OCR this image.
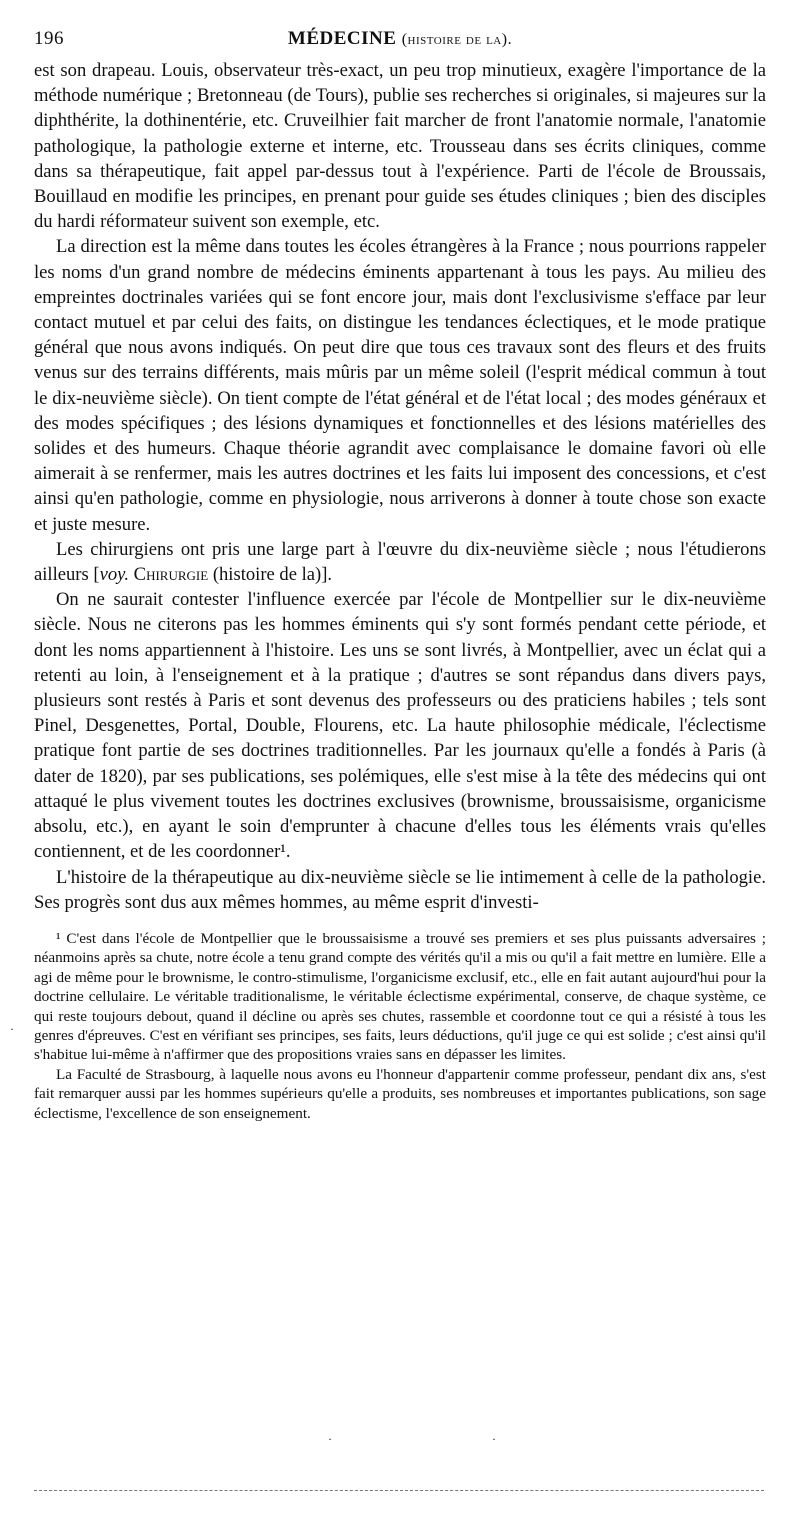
196	MÉDECINE (histoire de la).

est son drapeau. Louis, observateur très-exact, un peu trop minutieux, exagère l'importance de la méthode numérique ; Bretonneau (de Tours), publie ses recherches si originales, si majeures sur la diphthérite, la dothinentérie, etc. Cruveilhier fait marcher de front l'anatomie normale, l'anatomie pathologique, la pathologie externe et interne, etc. Trousseau dans ses écrits cliniques, comme dans sa thérapeutique, fait appel par-dessus tout à l'expérience. Parti de l'école de Broussais, Bouillaud en modifie les principes, en prenant pour guide ses études cliniques ; bien des disciples du hardi réformateur suivent son exemple, etc.

La direction est la même dans toutes les écoles étrangères à la France ; nous pourrions rappeler les noms d'un grand nombre de médecins éminents appartenant à tous les pays. Au milieu des empreintes doctrinales variées qui se font encore jour, mais dont l'exclusivisme s'efface par leur contact mutuel et par celui des faits, on distingue les tendances éclectiques, et le mode pratique général que nous avons indiqués. On peut dire que tous ces travaux sont des fleurs et des fruits venus sur des terrains différents, mais mûris par un même soleil (l'esprit médical commun à tout le dix-neuvième siècle). On tient compte de l'état général et de l'état local ; des modes généraux et des modes spécifiques ; des lésions dynamiques et fonctionnelles et des lésions matérielles des solides et des humeurs. Chaque théorie agrandit avec complaisance le domaine favori où elle aimerait à se renfermer, mais les autres doctrines et les faits lui imposent des concessions, et c'est ainsi qu'en pathologie, comme en physiologie, nous arriverons à donner à toute chose son exacte et juste mesure.

Les chirurgiens ont pris une large part à l'œuvre du dix-neuvième siècle ; nous l'étudierons ailleurs [voy. Chirurgie (histoire de la)].

On ne saurait contester l'influence exercée par l'école de Montpellier sur le dix-neuvième siècle. Nous ne citerons pas les hommes éminents qui s'y sont formés pendant cette période, et dont les noms appartiennent à l'histoire. Les uns se sont livrés, à Montpellier, avec un éclat qui a retenti au loin, à l'enseignement et à la pratique ; d'autres se sont répandus dans divers pays, plusieurs sont restés à Paris et sont devenus des professeurs ou des praticiens habiles ; tels sont Pinel, Desgenettes, Portal, Double, Flourens, etc. La haute philosophie médicale, l'éclectisme pratique font partie de ses doctrines traditionnelles. Par les journaux qu'elle a fondés à Paris (à dater de 1820), par ses publications, ses polémiques, elle s'est mise à la tête des médecins qui ont attaqué le plus vivement toutes les doctrines exclusives (brownisme, broussaisisme, organicisme absolu, etc.), en ayant le soin d'emprunter à chacune d'elles tous les éléments vrais qu'elles contiennent, et de les coordonner¹.

L'histoire de la thérapeutique au dix-neuvième siècle se lie intimement à celle de la pathologie. Ses progrès sont dus aux mêmes hommes, au même esprit d'investi-

¹ C'est dans l'école de Montpellier que le broussaisisme a trouvé ses premiers et ses plus puissants adversaires ; néanmoins après sa chute, notre école a tenu grand compte des vérités qu'il a mis ou qu'il a fait mettre en lumière. Elle a agi de même pour le brownisme, le contro-stimulisme, l'organicisme exclusif, etc., elle en fait autant aujourd'hui pour la doctrine cellulaire. Le véritable traditionalisme, le véritable éclectisme expérimental, conserve, de chaque système, ce qui reste toujours debout, quand il décline ou après ses chutes, rassemble et coordonne tout ce qui a résisté à tous les genres d'épreuves. C'est en vérifiant ses principes, ses faits, leurs déductions, qu'il juge ce qui est solide ; c'est ainsi qu'il s'habitue lui-même à n'affirmer que des propositions vraies sans en dépasser les limites.

La Faculté de Strasbourg, à laquelle nous avons eu l'honneur d'appartenir comme professeur, pendant dix ans, s'est fait remarquer aussi par les hommes supérieurs qu'elle a produits, ses nombreuses et importantes publications, son sage éclectisme, l'excellence de son enseignement.

·	·
·
